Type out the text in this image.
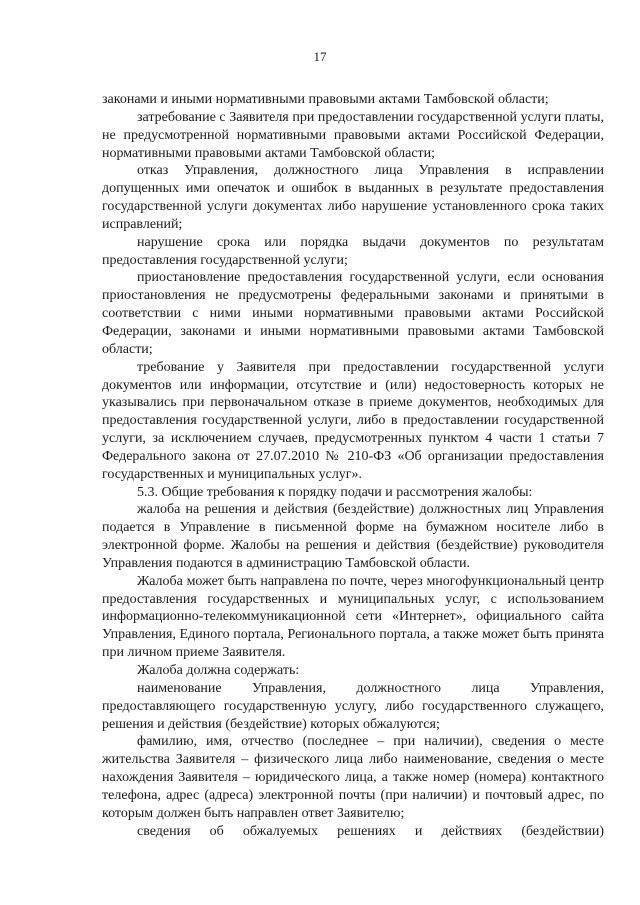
17

законами и иными нормативными правовыми актами Тамбовской области;

затребование с Заявителя при предоставлении государственной услуги платы, не предусмотренной нормативными правовыми актами Российской Федерации, нормативными правовыми актами Тамбовской области;

отказ Управления, должностного лица Управления в исправлении допущенных ими опечаток и ошибок в выданных в результате предоставления государственной услуги документах либо нарушение установленного срока таких исправлений;

нарушение срока или порядка выдачи документов по результатам предоставления государственной услуги;

приостановление предоставления государственной услуги, если основания приостановления не предусмотрены федеральными законами и принятыми в соответствии с ними иными нормативными правовыми актами Российской Федерации, законами и иными нормативными правовыми актами Тамбовской области;

требование у Заявителя при предоставлении государственной услуги документов или информации, отсутствие и (или) недостоверность которых не указывались при первоначальном отказе в приеме документов, необходимых для предоставления государственной услуги, либо в предоставлении государственной услуги, за исключением случаев, предусмотренных пунктом 4 части 1 статьи 7 Федерального закона от 27.07.2010 № 210-ФЗ «Об организации предоставления государственных и муниципальных услуг».

5.3. Общие требования к порядку подачи и рассмотрения жалобы:

жалоба на решения и действия (бездействие) должностных лиц Управления подается в Управление в письменной форме на бумажном носителе либо в электронной форме. Жалобы на решения и действия (бездействие) руководителя Управления подаются в администрацию Тамбовской области.

Жалоба может быть направлена по почте, через многофункциональный центр предоставления государственных и муниципальных услуг, с использованием информационно-телекоммуникационной сети «Интернет», официального сайта Управления, Единого портала, Регионального портала, а также может быть принята при личном приеме Заявителя.

Жалоба должна содержать:

наименование Управления, должностного лица Управления, предоставляющего государственную услугу, либо государственного служащего, решения и действия (бездействие) которых обжалуются;

фамилию, имя, отчество (последнее – при наличии), сведения о месте жительства Заявителя – физического лица либо наименование, сведения о месте нахождения Заявителя – юридического лица, а также номер (номера) контактного телефона, адрес (адреса) электронной почты (при наличии) и почтовый адрес, по которым должен быть направлен ответ Заявителю;

сведения об обжалуемых решениях и действиях (бездействии)
